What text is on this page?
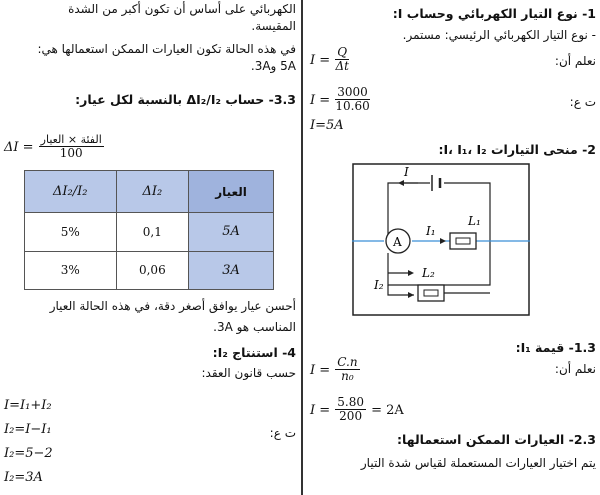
الكهربائي على أساس أن تكون أكبر من الشدة
المقيسة.
في هذه الحالة تكون العيارات الممكن استعمالها هي:
5A و3A.
3.3- حساب ΔI₂/I₂ بالنسبة لكل عيار:
$\Delta I = \frac{\text{الفئة × العيار}}{100}$
ΔI₂/I₂	ΔI₂	العيار
5%	0,1	5A
3%	0,06	3A
أحسن عيار يوافق أصغر دقة، في هذه الحالة العيار
المناسب هو 3A.
4- استنتاج I₂:
حسب قانون العقد:
I=I₁+I₂
I₂=I−I₁
I₂=5−2
I₂=3A
ت ع:
1- نوع التيار الكهربائي وحساب I:
- نوع التيار الكهربائي الرئيسي: مستمر.
نعلم أن:
$I = \frac{Q}{\Delta t}$
ت ع:
$I = \frac{3000}{10.60}$
I=5A
2- منحى التيارات I، I₁، I₂:
I
A
I₁
L₁
I₂
L₂
1.3- قيمة I₁:
نعلم أن:
$I = \frac{C.n}{\text{n₀}}$
$I = \frac{5.80}{200} = 2A$
2.3- العيارات الممكن استعمالها:
يتم اختيار العيارات المستعملة لقياس شدة التيار
